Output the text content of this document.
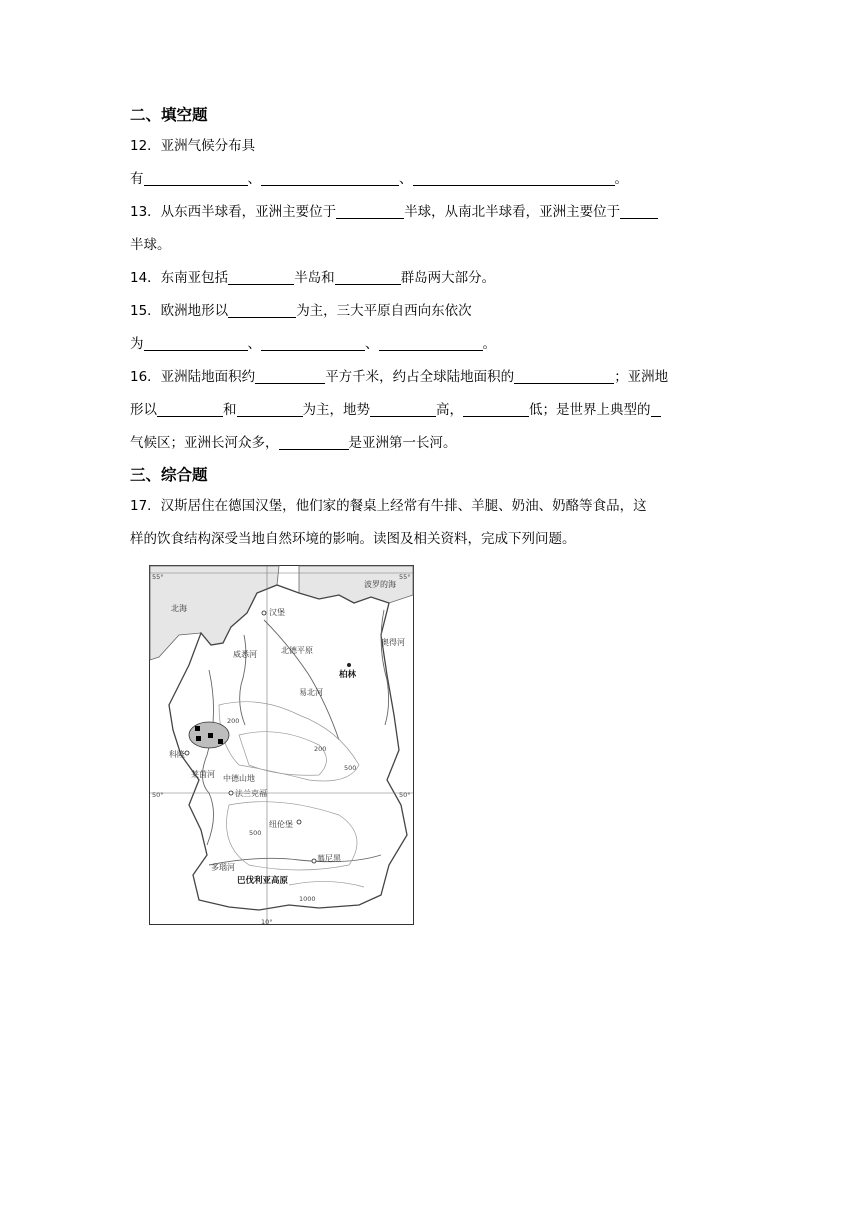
二、填空题

12．亚洲气候分布具

有	、	、	。

13．从东西半球看，亚洲主要位于	半球，从南北半球看，亚洲主要位于

半球。

14．东南亚包括	半岛和	群岛两大部分。

15．欧洲地形以	为主，三大平原自西向东依次

为	、	、	。

16．亚洲陆地面积约	平方千米，约占全球陆地面积的	；亚洲地

形以	和	为主，地势	高，	低；是世界上典型的

气候区；亚洲长河众多，	是亚洲第一长河。

三、综合题

17．汉斯居住在德国汉堡，他们家的餐桌上经常有牛排、羊腿、奶油、奶酪等食品，这

样的饮食结构深受当地自然环境的影响。读图及相关资料，完成下列问题。

北海
波罗的海
汉堡
柏林
北德平原
威悉河
易北河
奥得河
莱茵河
科隆
法兰克福
纽伦堡
慕尼黑
中德山地
巴伐利亚高原
多瑙河
55°	55°
50°	50°
10°
200
200
500
500
1000
